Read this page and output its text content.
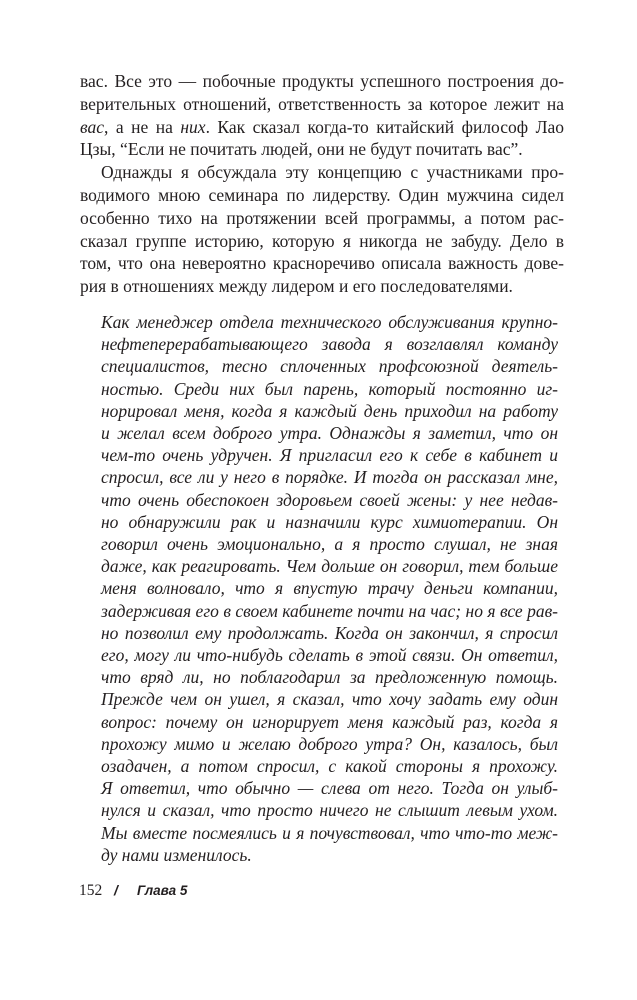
вас. Все это — побочные продукты успешного построения до-
верительных отношений, ответственность за которое лежит на
вас, а не на них. Как сказал когда-то китайский философ Лао
Цзы, “Если не почитать людей, они не будут почитать вас”.
Однажды я обсуждала эту концепцию с участниками про-
водимого мною семинара по лидерству. Один мужчина сидел
особенно тихо на протяжении всей программы, а потом рас-
сказал группе историю, которую я никогда не забуду. Дело в
том, что она невероятно красноречиво описала важность дове-
рия в отношениях между лидером и его последователями.
Как менеджер отдела технического обслуживания крупно-
нефтеперерабатывающего завода я возглавлял команду
специалистов, тесно сплоченных профсоюзной деятель-
ностью. Среди них был парень, который постоянно иг-
норировал меня, когда я каждый день приходил на работу
и желал всем доброго утра. Однажды я заметил, что он
чем-то очень удручен. Я пригласил его к себе в кабинет и
спросил, все ли у него в порядке. И тогда он рассказал мне,
что очень обеспокоен здоровьем своей жены: у нее недав-
но обнаружили рак и назначили курс химиотерапии. Он
говорил очень эмоционально, а я просто слушал, не зная
даже, как реагировать. Чем дольше он говорил, тем больше
меня волновало, что я впустую трачу деньги компании,
задерживая его в своем кабинете почти на час; но я все рав-
но позволил ему продолжать. Когда он закончил, я спросил
его, могу ли что-нибудь сделать в этой связи. Он ответил,
что вряд ли, но поблагодарил за предложенную помощь.
Прежде чем он ушел, я сказал, что хочу задать ему один
вопрос: почему он игнорирует меня каждый раз, когда я
прохожу мимо и желаю доброго утра? Он, казалось, был
озадачен, а потом спросил, с какой стороны я прохожу.
Я ответил, что обычно — слева от него. Тогда он улыб-
нулся и сказал, что просто ничего не слышит левым ухом.
Мы вместе посмеялись и я почувствовал, что что-то меж-
ду нами изменилось.
152 / Глава 5
